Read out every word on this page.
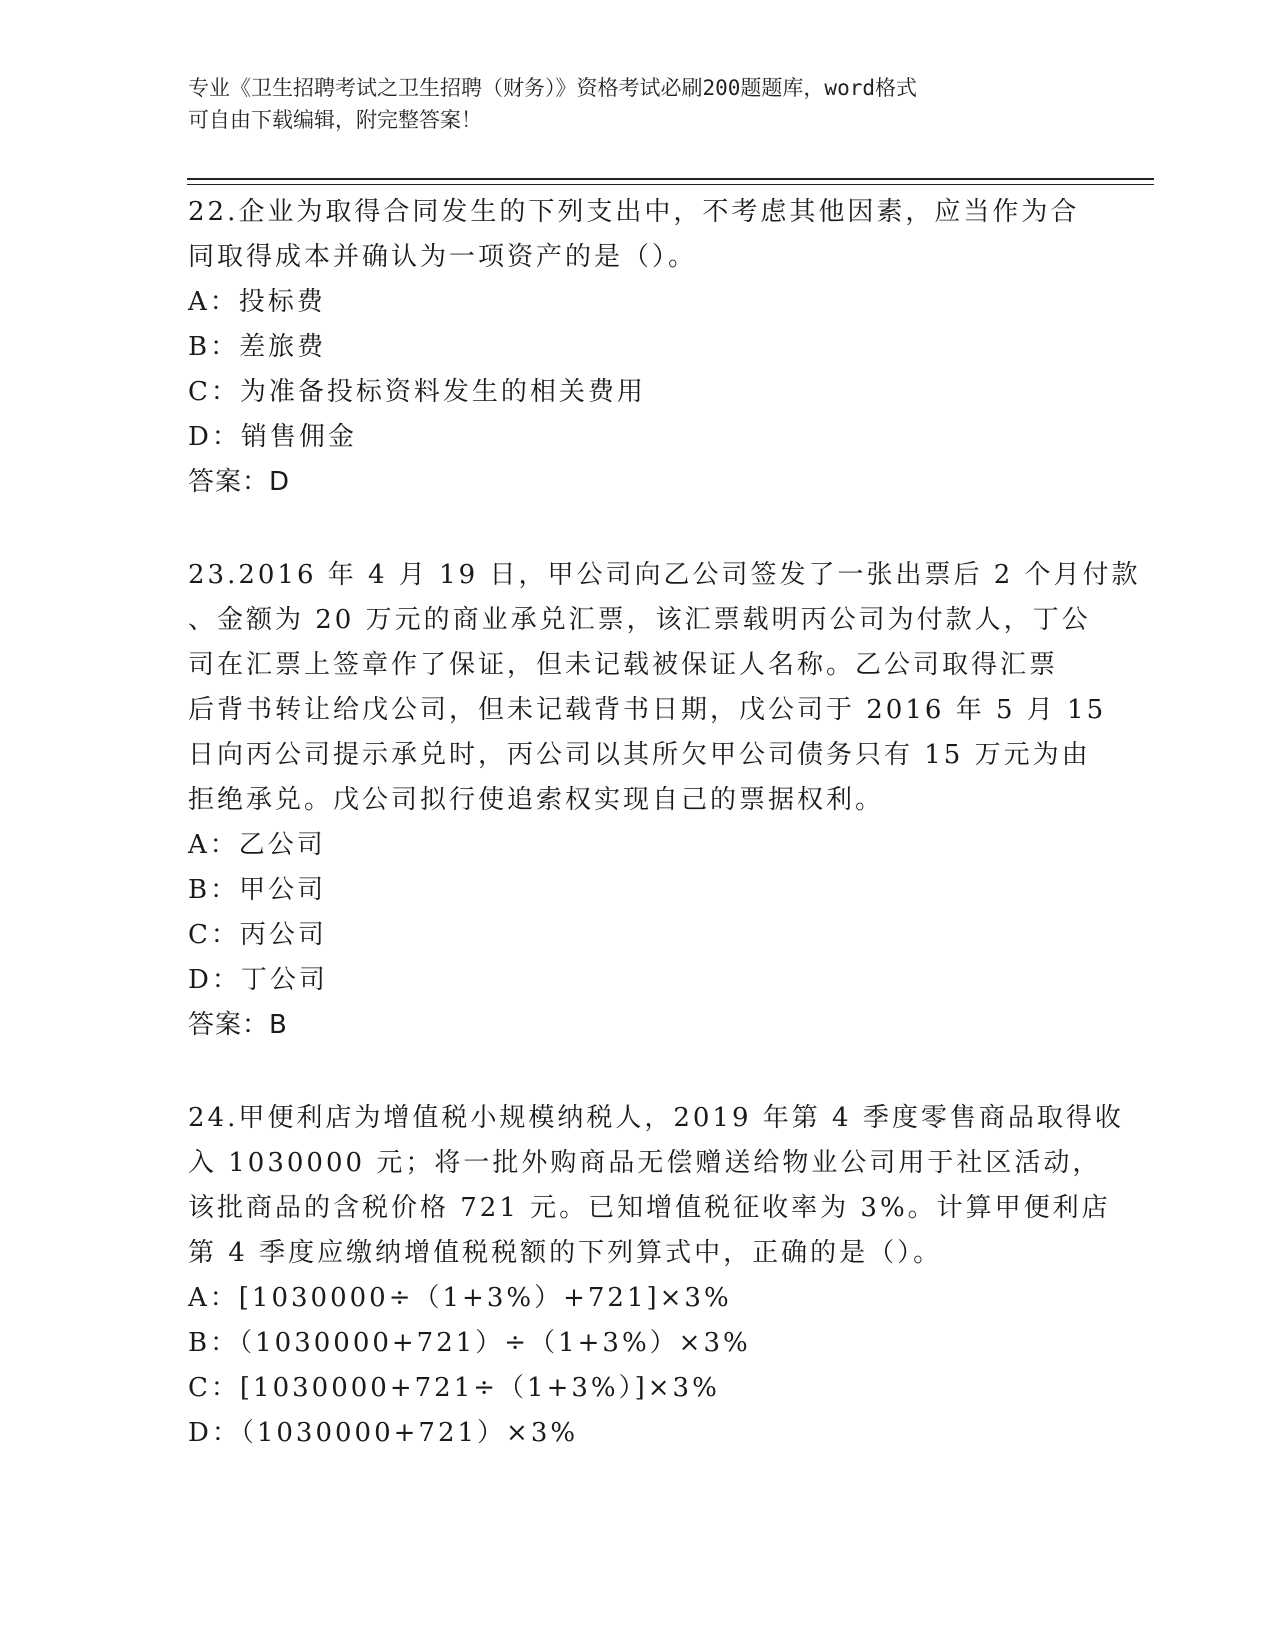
专业《卫生招聘考试之卫生招聘（财务）》资格考试必刷200题题库，word格式
可自由下载编辑，附完整答案！
22.企业为取得合同发生的下列支出中，不考虑其他因素，应当作为合
同取得成本并确认为一项资产的是（）。
A：投标费
B：差旅费
C：为准备投标资料发生的相关费用
D：销售佣金
答案：D
23.2016 年 4 月 19 日，甲公司向乙公司签发了一张出票后 2 个月付款
、金额为 20 万元的商业承兑汇票，该汇票载明丙公司为付款人，丁公
司在汇票上签章作了保证，但未记载被保证人名称。乙公司取得汇票
后背书转让给戊公司，但未记载背书日期，戊公司于 2016 年 5 月 15
日向丙公司提示承兑时，丙公司以其所欠甲公司债务只有 15 万元为由
拒绝承兑。戊公司拟行使追索权实现自己的票据权利。
A：乙公司
B：甲公司
C：丙公司
D：丁公司
答案：B
24.甲便利店为增值税小规模纳税人，2019 年第 4 季度零售商品取得收
入 1030000 元；将一批外购商品无偿赠送给物业公司用于社区活动，
该批商品的含税价格 721 元。已知增值税征收率为 3%。计算甲便利店
第 4 季度应缴纳增值税税额的下列算式中，正确的是（）。
A：[1030000÷（1+3%）+721]×3%
B：（1030000+721）÷（1+3%）×3%
C：[1030000+721÷（1+3%）]×3%
D：（1030000+721）×3%
